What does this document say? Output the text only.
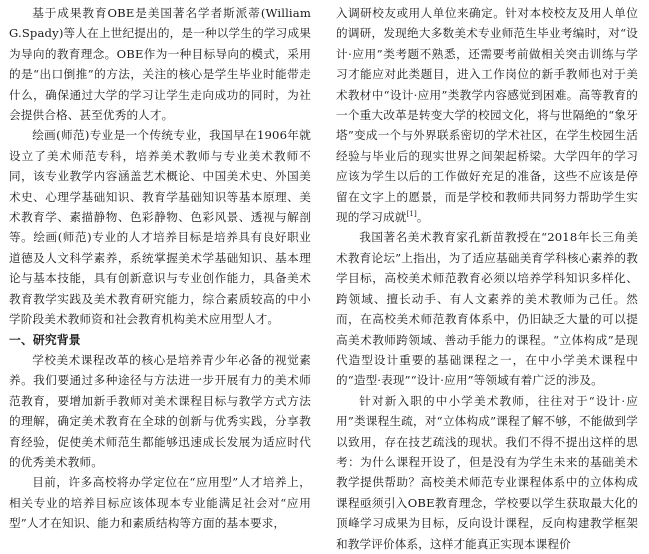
基于成果教育OBE是美国著名学者斯派蒂(William G.Spady)等人在上世纪提出的，是一种以学生的学习成果为导向的教育理念。OBE作为一种目标导向的模式，采用的是“出口倒推”的方法，关注的核心是学生毕业时能带走什么，确保通过大学的学习让学生走向成功的同时，为社会提供合格、甚至优秀的人才。

绘画(师范)专业是一个传统专业，我国早在1906年就设立了美术师范专科，培养美术教师与专业美术教师不同，该专业教学内容涵盖艺术概论、中国美术史、外国美术史、心理学基础知识、教育学基础知识等基本原理、美术教育学、素描静物、色彩静物、色彩风景、透视与解剖等。绘画(师范)专业的人才培养目标是培养具有良好职业道德及人文科学素养，系统掌握美术学基础知识、基本理论与基本技能，具有创新意识与专业创作能力，具备美术教育教学实践及美术教育研究能力，综合素质较高的中小学阶段美术教师资和社会教育机构美术应用型人才。

一、研究背景

学校美术课程改革的核心是培养青少年必备的视觉素养。我们要通过多种途径与方法进一步开展有力的美术师范教育，要增加新手教师对美术课程目标与教学方式方法的理解，确定美术教育在全球的创新与优秀实践，分享教育经验，促使美术师范生都能够迅速成长发展为适应时代的优秀美术教师。

目前，许多高校将办学定位在“应用型”人才培养上，相关专业的培养目标应该体现本专业能满足社会对“应用型”人才在知识、能力和素质结构等方面的基本要求，

入调研校友或用人单位来确定。针对本校校友及用人单位的调研，发现绝大多数美术专业师范生毕业考编时，对“设计·应用”类考题不熟悉，还需要考前做相关突击训练与学习才能应对此类题目，进入工作岗位的新手教师也对于美术教材中“设计·应用”类教学内容感觉到困难。高等教育的一个重大改革是转变大学的校园文化，将与世隔绝的“象牙塔”变成一个与外界联系密切的学术社区，在学生校园生活经验与毕业后的现实世界之间架起桥梁。大学四年的学习应该为学生以后的工作做好充足的准备，这些不应该是停留在文字上的愿景，而是学校和教师共同努力帮助学生实现的学习成就[1]。

我国著名美术教育家孔新苗教授在“2018年长三角美术教育论坛”上指出，为了适应基础美育学科核心素养的教学目标，高校美术师范教育必须以培养学科知识多样化、跨领域、擅长动手、有人文素养的美术教师为己任。然而，在高校美术师范教育体系中，仍旧缺乏大量的可以提高美术教师跨领域、善动手能力的课程。“立体构成”是现代造型设计重要的基础课程之一，在中小学美术课程中的“造型·表现”“设计·应用”等领域有着广泛的涉及。

针对新入职的中小学美术教师，往往对于“设计·应用”类课程生疏，对“立体构成”课程了解不够，不能做到学以致用，存在技艺疏浅的现状。我们不得不提出这样的思考：为什么课程开设了，但是没有为学生未来的基础美术教学提供帮助？高校美术师范专业课程体系中的立体构成课程亟须引入OBE教育理念，学校要以学生获取最大化的顶峰学习成果为目标，反向设计课程，反向构建教学框架和教学评价体系，这样才能真正实现本课程价
